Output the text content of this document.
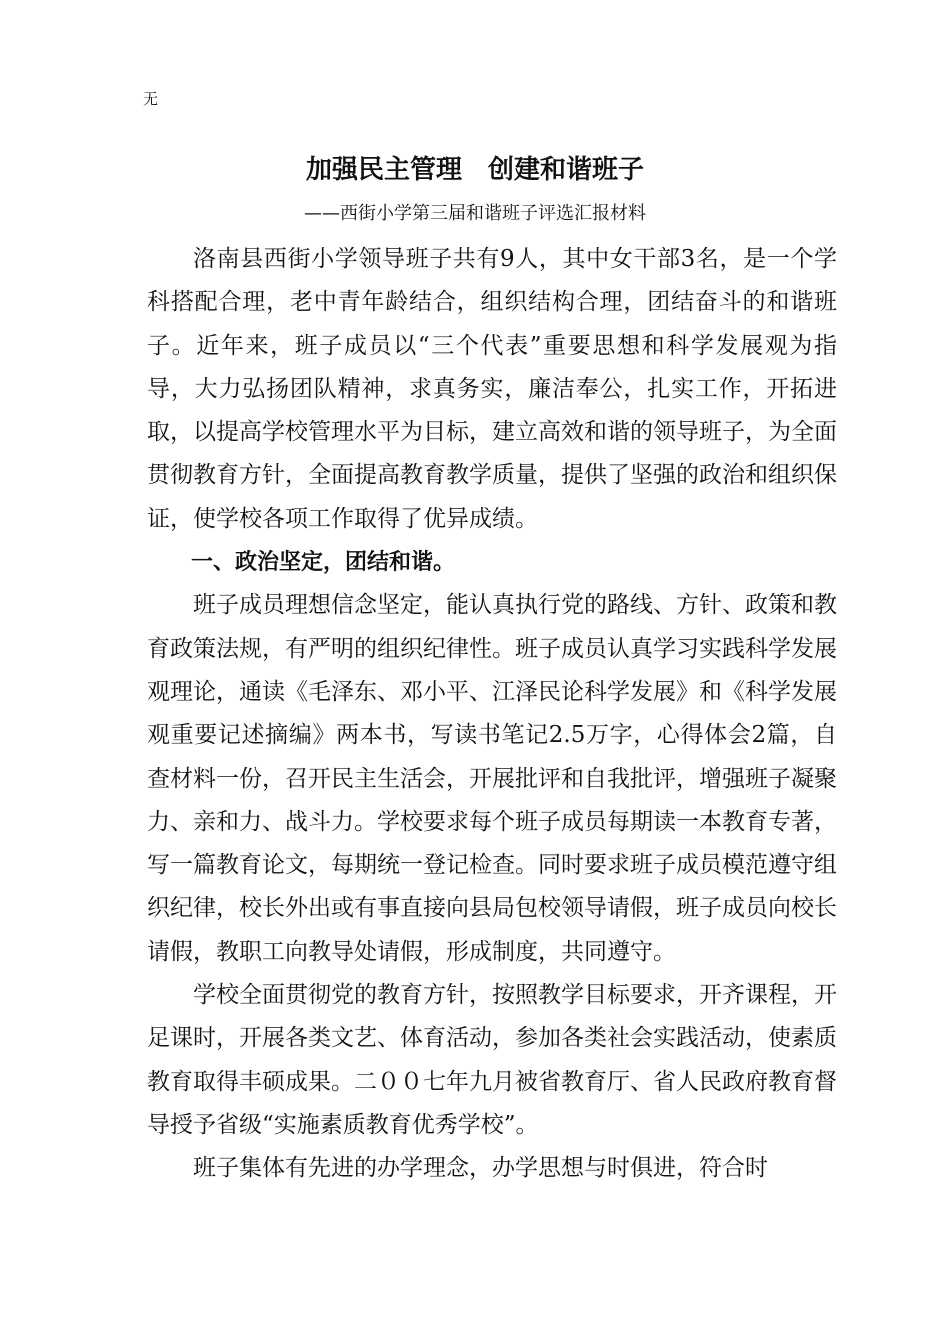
无
加强民主管理　创建和谐班子
——西街小学第三届和谐班子评选汇报材料

洛南县西街小学领导班子共有9人，其中女干部3名，是一个学科搭配合理，老中青年龄结合，组织结构合理，团结奋斗的和谐班子。近年来，班子成员以“三个代表”重要思想和科学发展观为指导，大力弘扬团队精神，求真务实，廉洁奉公，扎实工作，开拓进取，以提高学校管理水平为目标，建立高效和谐的领导班子，为全面贯彻教育方针，全面提高教育教学质量，提供了坚强的政治和组织保证，使学校各项工作取得了优异成绩。

一、政治坚定，团结和谐。

班子成员理想信念坚定，能认真执行党的路线、方针、政策和教育政策法规，有严明的组织纪律性。班子成员认真学习实践科学发展观理论，通读《毛泽东、邓小平、江泽民论科学发展》和《科学发展观重要记述摘编》两本书，写读书笔记2.5万字，心得体会2篇，自查材料一份，召开民主生活会，开展批评和自我批评，增强班子凝聚力、亲和力、战斗力。学校要求每个班子成员每期读一本教育专著，写一篇教育论文，每期统一登记检查。同时要求班子成员模范遵守组织纪律，校长外出或有事直接向县局包校领导请假，班子成员向校长请假，教职工向教导处请假，形成制度，共同遵守。

学校全面贯彻党的教育方针，按照教学目标要求，开齐课程，开足课时，开展各类文艺、体育活动，参加各类社会实践活动，使素质教育取得丰硕成果。二００七年九月被省教育厅、省人民政府教育督导授予省级“实施素质教育优秀学校”。

班子集体有先进的办学理念，办学思想与时俱进，符合时
